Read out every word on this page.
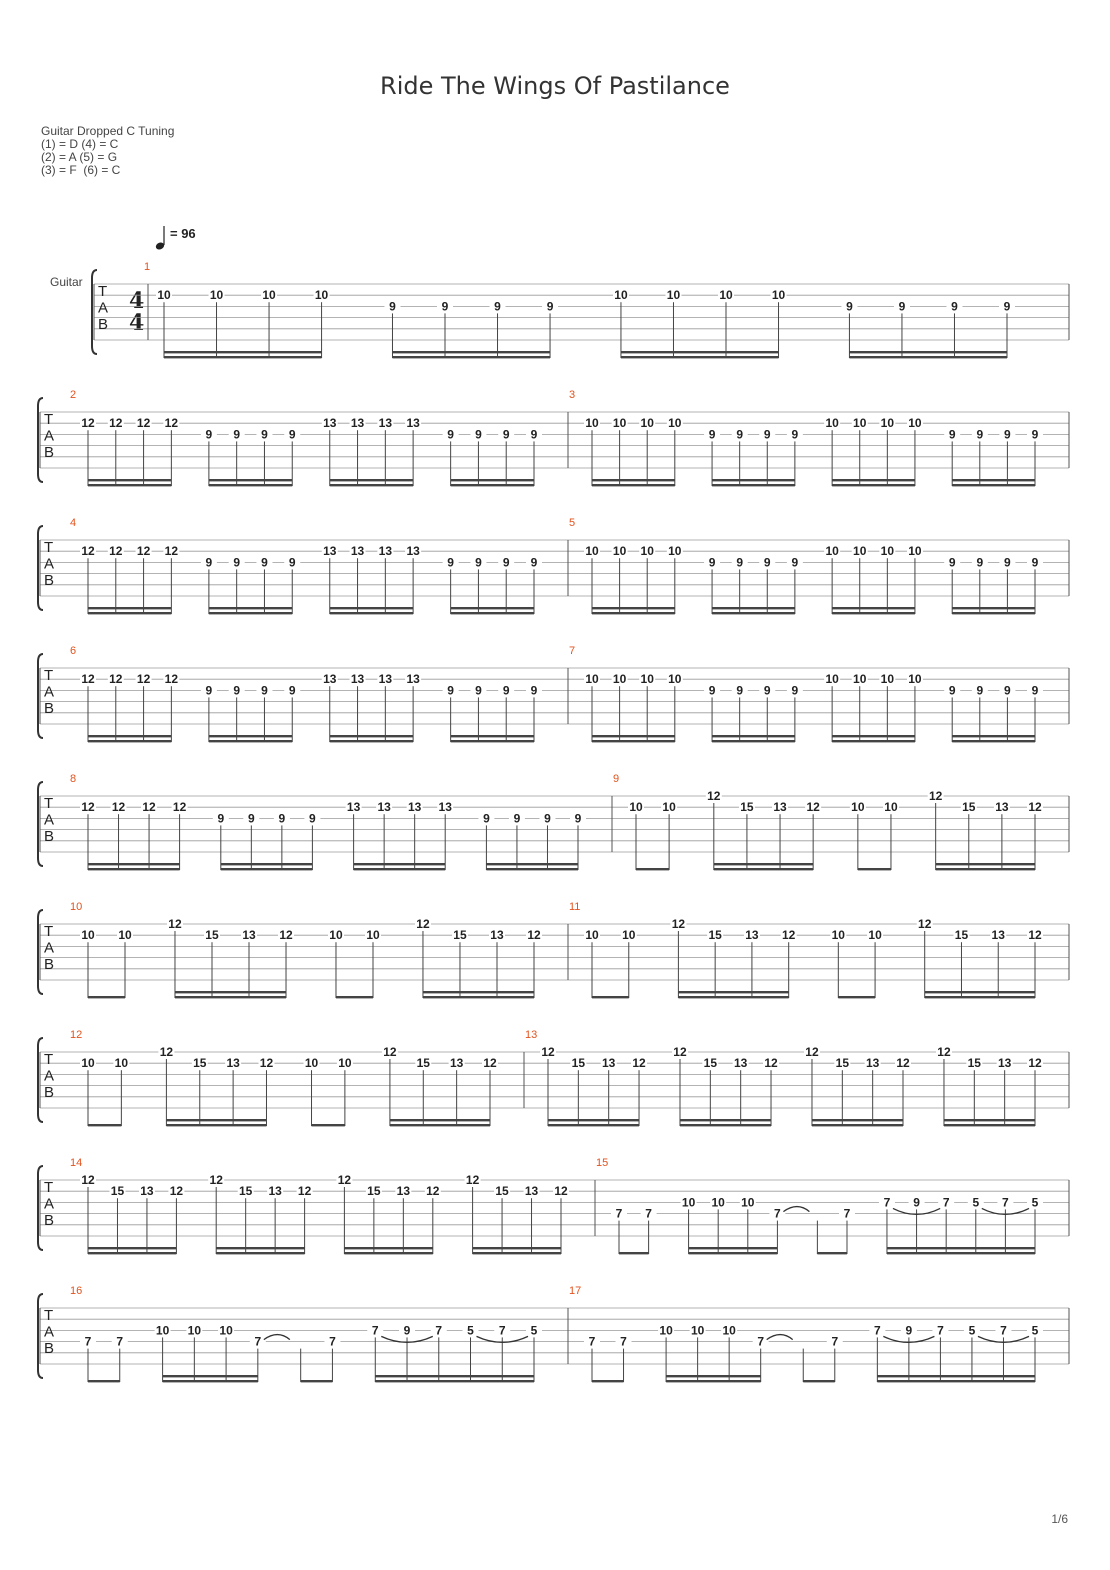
Ride The Wings Of Pastilance
Guitar Dropped C Tuning
(1) = D (4) = C
(2) = A (5) = G
(3) = F  (6) = C
= 96
Guitar
4
4
T
A
B
1
10	10	10	10
9	9	9	9
10	10	10	10
9	9	9	9
T
A
B
2
12 12 12 12
9 9 9 9
13 13 13 13
9 9 9 9
3
10 10 10 10
9 9 9 9
10 10 10 10
9 9 9 9
T
A
B
4
12 12 12 12
9 9 9 9
13 13 13 13
9 9 9 9
5
10 10 10 10
9 9 9 9
10 10 10 10
9 9 9 9
T
A
B
6
12 12 12 12
9 9 9 9
13 13 13 13
9 9 9 9
7
10 10 10 10
9 9 9 9
10 10 10 10
9 9 9 9
T
A
B
8
12 12 12 12
9 9 9 9
13 13 13 13
9 9 9 9
9
10 10
12
15 13 12	10 10
12
15 13 12
T
A
B
10
10 10
12
15 13 12	10 10
12
15 13 12
11
10 10
12
15 13 12	10 10
12
15 13 12
T
A
B
12
10 10
12
15 13 12	10 10
12
15 13 12
13
12
15 13 12
12
15 13 12
12
15 13 12
12
15 13 12
T
A
B
14
12
15 13 12
12
15 13 12
12
15 13 12
12
15 13 12
15
7 7
10 10 10
7	7
7 9 7 5 7 5
T
A
B
16
7 7
10 10 10
7	7
7 9 7 5 7 5
17
7 7
10 10 10
7	7
7 9 7 5 7 5
1/6
